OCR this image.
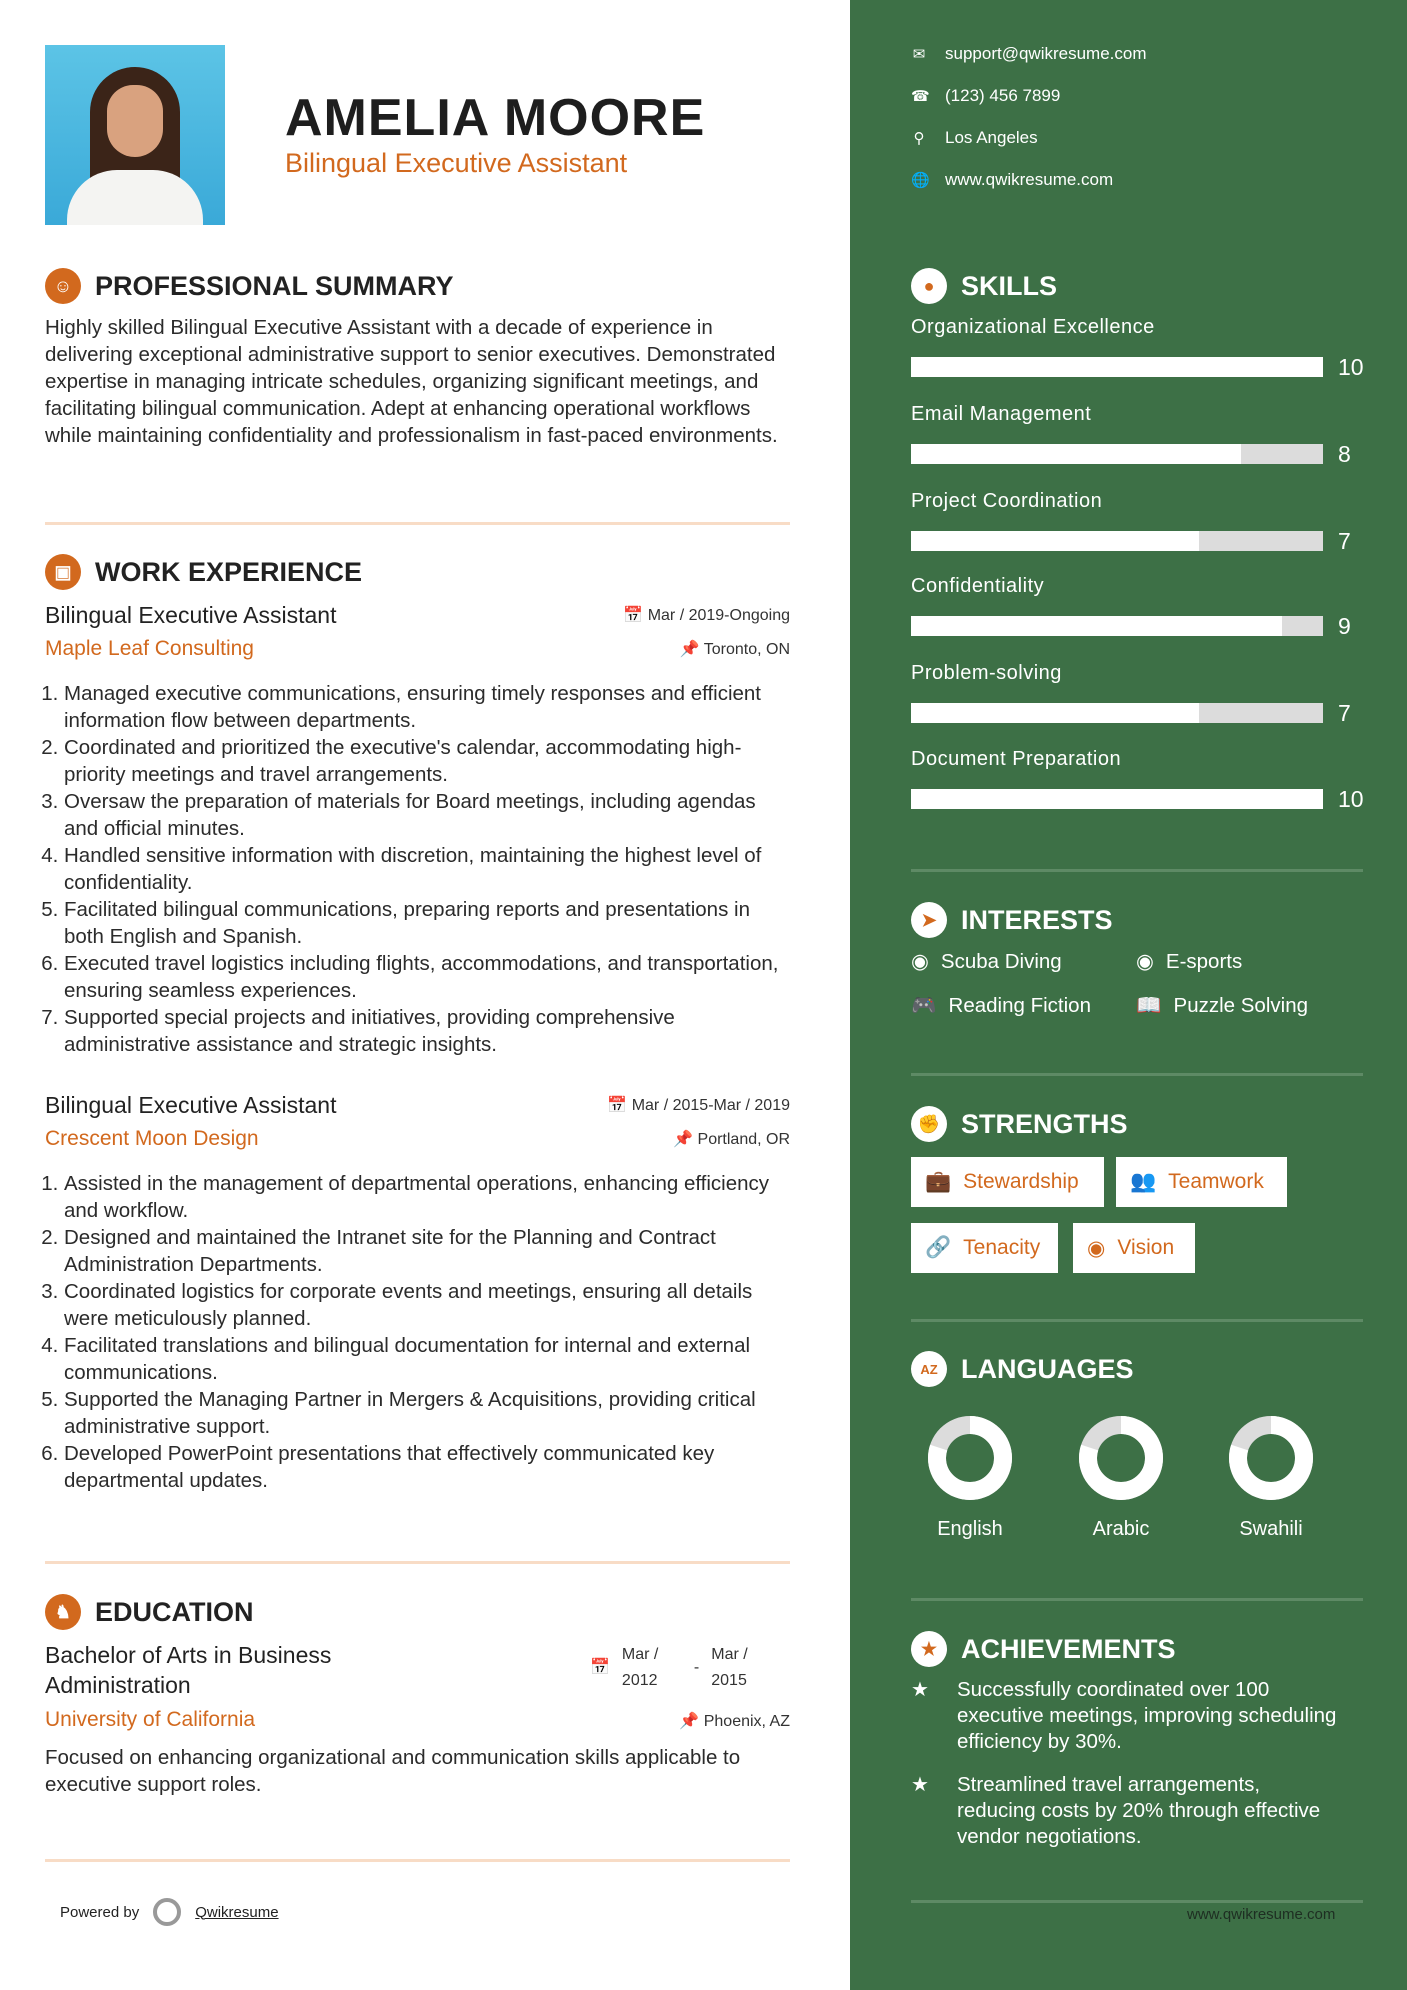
AMELIA MOORE
Bilingual Executive Assistant
☺ PROFESSIONAL SUMMARY
Highly skilled Bilingual Executive Assistant with a decade of experience in delivering exceptional administrative support to senior executives. Demonstrated expertise in managing intricate schedules, organizing significant meetings, and facilitating bilingual communication. Adept at enhancing operational workflows while maintaining confidentiality and professionalism in fast-paced environments.
▣ WORK EXPERIENCE
Bilingual Executive Assistant	📅 Mar / 2019-Ongoing
Maple Leaf Consulting	📌 Toronto, ON
1. Managed executive communications, ensuring timely responses and efficient information flow between departments.
2. Coordinated and prioritized the executive's calendar, accommodating high-priority meetings and travel arrangements.
3. Oversaw the preparation of materials for Board meetings, including agendas and official minutes.
4. Handled sensitive information with discretion, maintaining the highest level of confidentiality.
5. Facilitated bilingual communications, preparing reports and presentations in both English and Spanish.
6. Executed travel logistics including flights, accommodations, and transportation, ensuring seamless experiences.
7. Supported special projects and initiatives, providing comprehensive administrative assistance and strategic insights.
Bilingual Executive Assistant	📅 Mar / 2015-Mar / 2019
Crescent Moon Design	📌 Portland, OR
1. Assisted in the management of departmental operations, enhancing efficiency and workflow.
2. Designed and maintained the Intranet site for the Planning and Contract Administration Departments.
3. Coordinated logistics for corporate events and meetings, ensuring all details were meticulously planned.
4. Facilitated translations and bilingual documentation for internal and external communications.
5. Supported the Managing Partner in Mergers & Acquisitions, providing critical administrative support.
6. Developed PowerPoint presentations that effectively communicated key departmental updates.
♞ EDUCATION
Bachelor of Arts in Business Administration
📅
Mar / 2012
-
Mar / 2015
University of California	📌 Phoenix, AZ
Focused on enhancing organizational and communication skills applicable to executive support roles.
Powered by	Qwikresume
✉ support@qwikresume.com
☎ (123) 456 7899
⚲ Los Angeles
🌐 www.qwikresume.com
● SKILLS
Organizational Excellence
10
Email Management
8
Project Coordination
7
Confidentiality
9
Problem-solving
7
Document Preparation
10
➤ INTERESTS
◉ Scuba Diving	◉ E-sports
🎮 Reading Fiction 📖 Puzzle Solving
✊ STRENGTHS
💼 Stewardship 👥 Teamwork
🔗 Tenacity ◉ Vision
AZ LANGUAGES
English	Arabic	Swahili
★ ACHIEVEMENTS
★	Successfully coordinated over 100 executive meetings, improving scheduling efficiency by 30%.
★	Streamlined travel arrangements, reducing costs by 20% through effective vendor negotiations.
www.qwikresume.com
